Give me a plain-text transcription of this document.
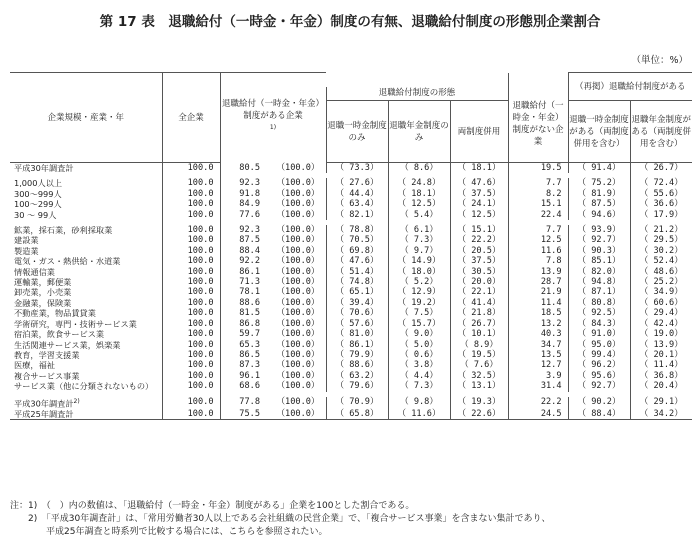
第 17 表　退職給付（一時金・年金）制度の有無、退職給付制度の形態別企業割合
（単位：%）
企業規模・産業・年	全企業	退職給付（一時金・年金）制度がある企業
$^{1)}$						（再掲）退職給付制度がある	
				退職給付制度の形態			退職給付（一時金・年金）制度がない企業		
				退職一時金制度のみ	退職年金制度のみ	両制度併用		退職一時金制度がある（両制度併用を含む）	退職年金制度がある（両制度併用を含む）
平成30年調査計	100.0	80.5	（100.0）	（ 73.3）	（ 8.6）	（ 18.1）	19.5	（ 91.4）	（ 26.7）

1,000人以上	100.0	92.3	（100.0）	（ 27.6）	（ 24.8）	（ 47.6）	7.7	（ 75.2）	（ 72.4）
300～999人	100.0	91.8	（100.0）	（ 44.4）	（ 18.1）	（ 37.5）	8.2	（ 81.9）	（ 55.6）
100～299人	100.0	84.9	（100.0）	（ 63.4）	（ 12.5）	（ 24.1）	15.1	（ 87.5）	（ 36.6）
30 ～ 99人	100.0	77.6	（100.0）	（ 82.1）	（ 5.4）	（ 12.5）	22.4	（ 94.6）	（ 17.9）

鉱業，採石業，砂利採取業	100.0	92.3	（100.0）	（ 78.8）	（ 6.1）	（ 15.1）	7.7	（ 93.9）	（ 21.2）
建設業	100.0	87.5	（100.0）	（ 70.5）	（ 7.3）	（ 22.2）	12.5	（ 92.7）	（ 29.5）
製造業	100.0	88.4	（100.0）	（ 69.8）	（ 9.7）	（ 20.5）	11.6	（ 90.3）	（ 30.2）
電気・ガス・熱供給・水道業	100.0	92.2	（100.0）	（ 47.6）	（ 14.9）	（ 37.5）	7.8	（ 85.1）	（ 52.4）
情報通信業	100.0	86.1	（100.0）	（ 51.4）	（ 18.0）	（ 30.5）	13.9	（ 82.0）	（ 48.6）
運輸業，郵便業	100.0	71.3	（100.0）	（ 74.8）	（ 5.2）	（ 20.0）	28.7	（ 94.8）	（ 25.2）
卸売業，小売業	100.0	78.1	（100.0）	（ 65.1）	（ 12.9）	（ 22.1）	21.9	（ 87.1）	（ 34.9）
金融業，保険業	100.0	88.6	（100.0）	（ 39.4）	（ 19.2）	（ 41.4）	11.4	（ 80.8）	（ 60.6）
不動産業，物品賃貸業	100.0	81.5	（100.0）	（ 70.6）	（ 7.5）	（ 21.8）	18.5	（ 92.5）	（ 29.4）
学術研究，専門・技術サービス業	100.0	86.8	（100.0）	（ 57.6）	（ 15.7）	（ 26.7）	13.2	（ 84.3）	（ 42.4）
宿泊業，飲食サービス業	100.0	59.7	（100.0）	（ 81.0）	（ 9.0）	（ 10.1）	40.3	（ 91.0）	（ 19.0）
生活関連サービス業，娯楽業	100.0	65.3	（100.0）	（ 86.1）	（ 5.0）	（ 8.9）	34.7	（ 95.0）	（ 13.9）
教育，学習支援業	100.0	86.5	（100.0）	（ 79.9）	（ 0.6）	（ 19.5）	13.5	（ 99.4）	（ 20.1）
医療，福祉	100.0	87.3	（100.0）	（ 88.6）	（ 3.8）	（ 7.6）	12.7	（ 96.2）	（ 11.4）
複合サービス事業	100.0	96.1	（100.0）	（ 63.2）	（ 4.4）	（ 32.5）	3.9	（ 95.6）	（ 36.8）
サービス業（他に分類されないもの）	100.0	68.6	（100.0）	（ 79.6）	（ 7.3）	（ 13.1）	31.4	（ 92.7）	（ 20.4）

平成30年調査計$^{2)}$	100.0	77.8	（100.0）	（ 70.9）	（ 9.8）	（ 19.3）	22.2	（ 90.2）	（ 29.1）
平成25年調査計	100.0	75.5	（100.0）	（ 65.8）	（ 11.6）	（ 22.6）	24.5	（ 88.4）	（ 34.2）
注：1)　（　）内の数値は、「退職給付（一時金・年金）制度がある」企業を100とした割合である。
　　2)　「平成30年調査計」は、「常用労働者30人以上である会社組織の民営企業」で、「複合サービス事業」を含まない集計であり、
　　　　平成25年調査と時系列で比較する場合には、こちらを参照されたい。
